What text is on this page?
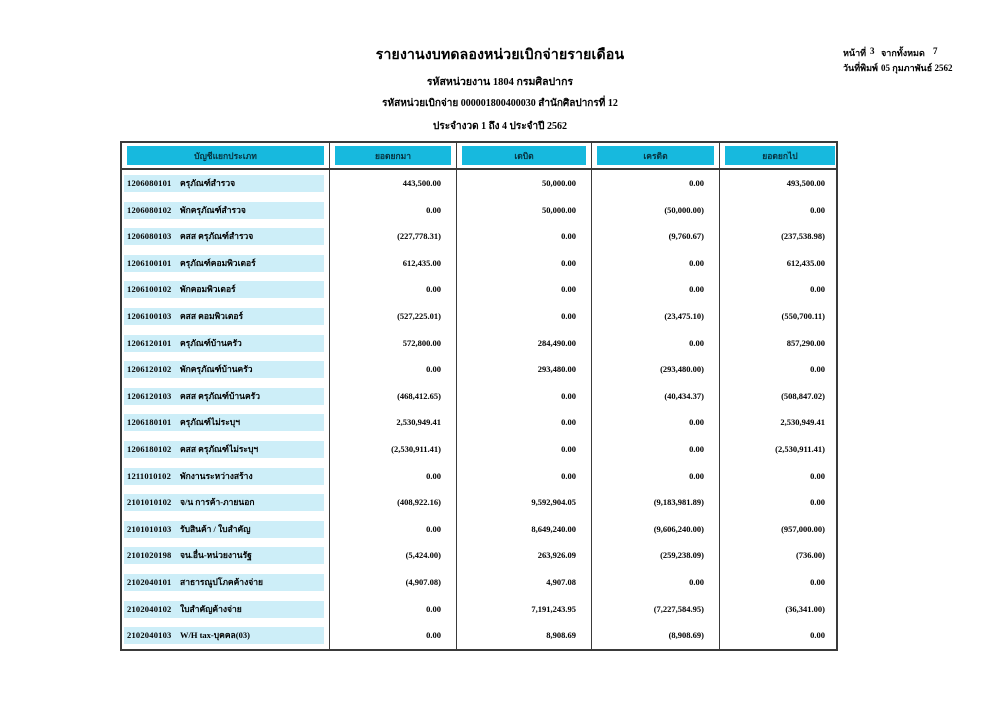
รายงานงบทดลองหน่วยเบิกจ่ายรายเดือน
รหัสหน่วยงาน 1804 กรมศิลปากร
รหัสหน่วยเบิกจ่าย 000001800400030 สำนักศิลปากรที่ 12
ประจำงวด 1 ถึง 4 ประจำปี 2562
หน้าที่ 3 จากทั้งหมด 7
วันที่พิมพ์ 05 กุมภาพันธ์ 2562
บัญชีแยกประเภท	ยอดยกมา	เดบิต	เครดิต	ยอดยกไป
1206080101 ครุภัณฑ์สำรวจ	443,500.00	50,000.00	0.00	493,500.00
1206080102 พักครุภัณฑ์สำรวจ	0.00	50,000.00	(50,000.00)	0.00
1206080103 คสส ครุภัณฑ์สำรวจ	(227,778.31)	0.00	(9,760.67)	(237,538.98)
1206100101 ครุภัณฑ์คอมพิวเตอร์	612,435.00	0.00	0.00	612,435.00
1206100102 พักคอมพิวเตอร์	0.00	0.00	0.00	0.00
1206100103 คสส คอมพิวเตอร์	(527,225.01)	0.00	(23,475.10)	(550,700.11)
1206120101 ครุภัณฑ์บ้านครัว	572,800.00	284,490.00	0.00	857,290.00
1206120102 พักครุภัณฑ์บ้านครัว	0.00	293,480.00	(293,480.00)	0.00
1206120103 คสส ครุภัณฑ์บ้านครัว	(468,412.65)	0.00	(40,434.37)	(508,847.02)
1206180101 ครุภัณฑ์ไม่ระบุฯ	2,530,949.41	0.00	0.00	2,530,949.41
1206180102 คสส ครุภัณฑ์ไม่ระบุฯ	(2,530,911.41)	0.00	0.00	(2,530,911.41)
1211010102 พักงานระหว่างสร้าง	0.00	0.00	0.00	0.00
2101010102 จ/น การค้า-ภายนอก	(408,922.16)	9,592,904.05	(9,183,981.89)	0.00
2101010103 รับสินค้า / ใบสำคัญ	0.00	8,649,240.00	(9,606,240.00)	(957,000.00)
2101020198 จน.อื่น-หน่วยงานรัฐ	(5,424.00)	263,926.09	(259,238.09)	(736.00)
2102040101 สาธารณูปโภคค้างจ่าย	(4,907.08)	4,907.08	0.00	0.00
2102040102 ใบสำคัญค้างจ่าย	0.00	7,191,243.95	(7,227,584.95)	(36,341.00)
2102040103 W/H tax-บุคคล(03)	0.00	8,908.69	(8,908.69)	0.00
